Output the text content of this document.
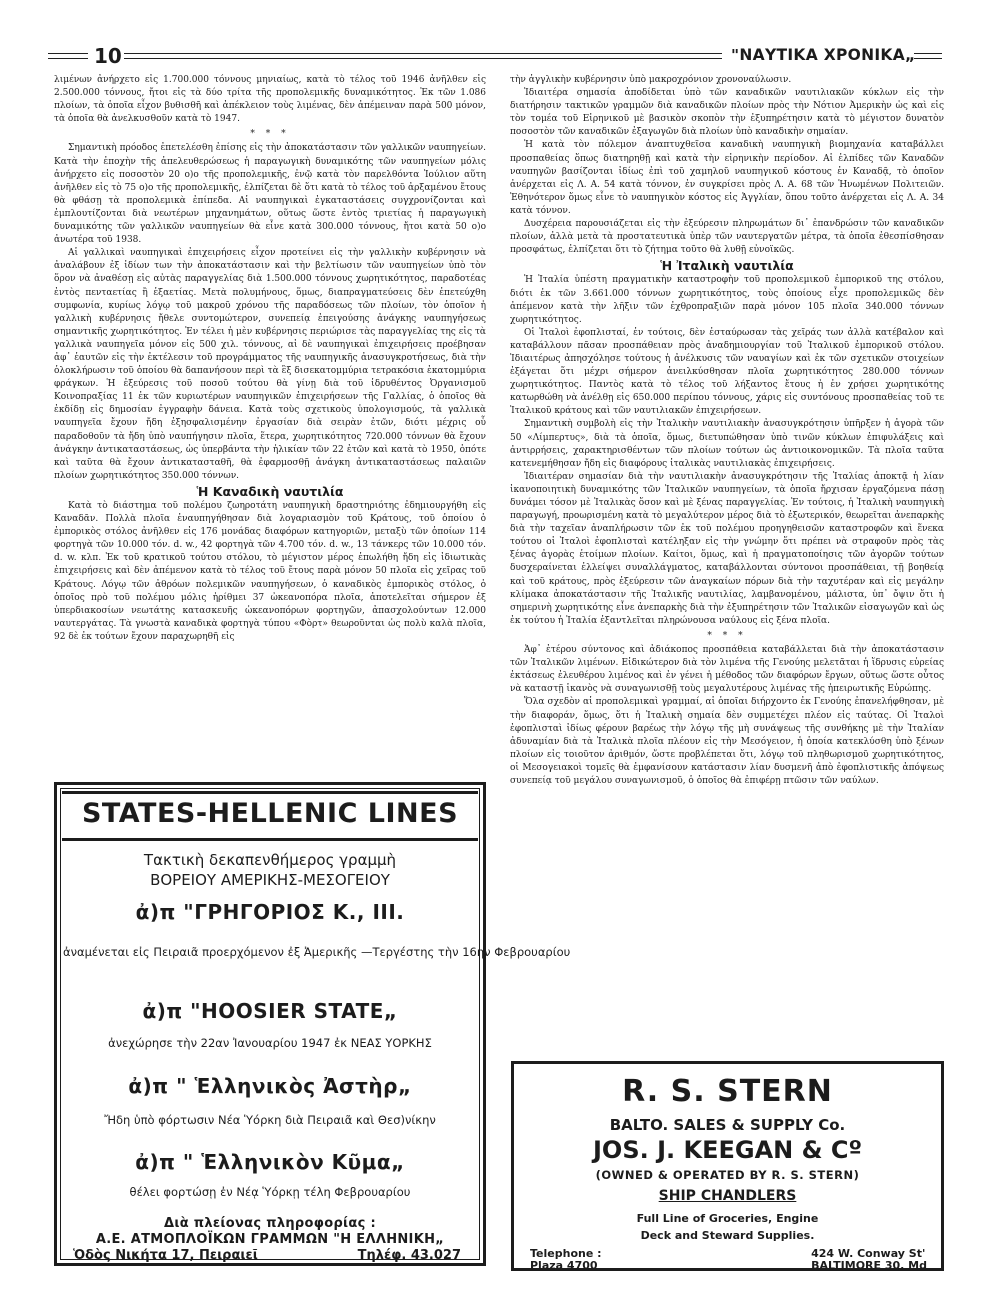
10	"ΝΑΥΤΙΚΑ ΧΡΟΝΙΚΑ„

λιμένων ἀνήρχετο εἰς 1.700.000 τόννους μηνιαίως, κατὰ τὸ τέλος τοῦ 1946 ἀνῆλθεν εἰς 2.500.000 τόννους, ἤτοι εἰς τὰ δύο τρίτα τῆς προπολεμικῆς δυναμικότητος. Ἐκ τῶν 1.086 πλοίων, τὰ ὁποῖα εἶχον βυθισθῆ καὶ ἀπέκλειον τοὺς λιμένας, δὲν ἀπέμειναν παρὰ 500 μόνον, τὰ ὁποῖα θὰ ἀνελκυσθοῦν κατὰ τὸ 1947.

* * *

Σημαντικὴ πρόοδος ἐπετελέσθη ἐπίσης εἰς τὴν ἀποκατάστασιν τῶν γαλλικῶν ναυπηγείων. Κατὰ τὴν ἐποχὴν τῆς ἀπελευθερώσεως ἡ παραγωγικὴ δυναμικότης τῶν ναυπηγείων μόλις ἀνήρχετο εἰς ποσοστὸν 20 ο)ο τῆς προπολεμικῆς, ἐνῷ κατὰ τὸν παρελθόντα Ἰούλιον αὕτη ἀνῆλθεν εἰς τὸ 75 ο)ο τῆς προπολεμικῆς, ἐλπίζεται δὲ ὅτι κατὰ τὸ τέλος τοῦ ἀρξαμένου ἔτους θὰ φθάσῃ τὰ προπολεμικὰ ἐπίπεδα. Αἱ ναυπηγικαὶ ἐγκαταστάσεις συγχρονίζονται καὶ ἐμπλουτίζονται διὰ νεωτέρων μηχανημάτων, οὕτως ὥστε ἐντὸς τριετίας ἡ παραγωγικὴ δυναμικότης τῶν γαλλικῶν ναυπηγείων θὰ εἶνε κατὰ 300.000 τόννους, ἤτοι κατὰ 50 ο)ο ἀνωτέρα τοῦ 1938.

Αἱ γαλλικαὶ ναυπηγικαὶ ἐπιχειρήσεις εἶχον προτείνει εἰς τὴν γαλλικὴν κυβέρνησιν νὰ ἀναλάβουν ἐξ ἰδίων των τὴν ἀποκατάστασιν καὶ τὴν βελτίωσιν τῶν ναυπηγείων ὑπὸ τὸν ὅρον νὰ ἀναθέσῃ εἰς αὐτὰς παραγγελίας διὰ 1.500.000 τόννους χωρητικότητος, παραδοτέας ἐντὸς πενταετίας ἢ ἑξαετίας. Μετὰ πολυμήνους, ὅμως, διαπραγματεύσεις δὲν ἐπετεύχθη συμφωνία, κυρίως λόγῳ τοῦ μακροῦ χρόνου τῆς παραδόσεως τῶν πλοίων, τὸν ὁποῖον ἡ γαλλικὴ κυβέρνησις ἤθελε συντομώτερον, συνεπείᾳ ἐπειγούσης ἀνάγκης ναυπηγήσεως σημαντικῆς χωρητικότητος. Ἐν τέλει ἡ μὲν κυβέρνησις περιώρισε τὰς παραγγελίας της εἰς τὰ γαλλικὰ ναυπηγεῖα μόνον εἰς 500 χιλ. τόννους, αἱ δὲ ναυπηγικαὶ ἐπιχειρήσεις προέβησαν ἀφ᾽ ἑαυτῶν εἰς τὴν ἐκτέλεσιν τοῦ προγράμματος τῆς ναυπηγικῆς ἀνασυγκροτήσεως, διὰ τὴν ὁλοκλήρωσιν τοῦ ὁποίου θὰ δαπανήσουν περὶ τὰ ἓξ δισεκατομμύρια τετρακόσια ἑκατομμύρια φράγκων. Ἡ ἐξεύρεσις τοῦ ποσοῦ τούτου θὰ γίνῃ διὰ τοῦ ἱδρυθέντος Ὀργανισμοῦ Κοινοπραξίας 11 ἐκ τῶν κυριωτέρων ναυπηγικῶν ἐπιχειρήσεων τῆς Γαλλίας, ὁ ὁποῖος θὰ ἐκδίδῃ εἰς δημοσίαν ἐγγραφὴν δάνεια. Κατὰ τοὺς σχετικοὺς ὑπολογισμούς, τὰ γαλλικὰ ναυπηγεῖα ἔχουν ἤδη ἐξησφαλισμένην ἐργασίαν διὰ σειρὰν ἐτῶν, διότι μέχρις οὗ παραδοθοῦν τὰ ἤδη ὑπὸ ναυπήγησιν πλοῖα, ἕτερα, χωρητικότητος 720.000 τόννων θὰ ἔχουν ἀνάγκην ἀντικαταστάσεως, ὡς ὑπερβάντα τὴν ἡλικίαν τῶν 22 ἐτῶν καὶ κατὰ τὸ 1950, ὁπότε καὶ ταῦτα θὰ ἔχουν ἀντικατασταθῆ, θὰ ἐφαρμοσθῇ ἀνάγκη ἀντικαταστάσεως παλαιῶν πλοίων χωρητικότητος 350.000 τόννων.

Ἡ Καναδικὴ ναυτιλία

Κατὰ τὸ διάστημα τοῦ πολέμου ζωηροτάτη ναυπηγικὴ δραστηριότης ἐδημιουργήθη εἰς Καναδᾶν. Πολλὰ πλοῖα ἐναυπηγήθησαν διὰ λογαριασμὸν τοῦ Κράτους, τοῦ ὁποίου ὁ ἐμπορικὸς στόλος ἀνῆλθεν εἰς 176 μονάδας διαφόρων κατηγοριῶν, μεταξὺ τῶν ὁποίων 114 φορτηγὰ τῶν 10.000 τόν. d. w., 42 φορτηγὰ τῶν 4.700 τόν. d. w., 13 τάνκερς τῶν 10.000 τόν. d. w. κλπ. Ἐκ τοῦ κρατικοῦ τούτου στόλου, τὸ μέγιστον μέρος ἐπωλήθη ἤδη εἰς ἰδιωτικὰς ἐπιχειρήσεις καὶ δὲν ἀπέμενον κατὰ τὸ τέλος τοῦ ἔτους παρὰ μόνον 50 πλοῖα εἰς χεῖρας τοῦ Κράτους. Λόγῳ τῶν ἀθρόων πολεμικῶν ναυπηγήσεων, ὁ καναδικὸς ἐμπορικὸς στόλος, ὁ ὁποῖος πρὸ τοῦ πολέμου μόλις ἠρίθμει 37 ὠκεανοπόρα πλοῖα, ἀποτελεῖται σήμερον ἐξ ὑπερδιακοσίων νεωτάτης κατασκευῆς ὠκεανοπόρων φορτηγῶν, ἀπασχολούντων 12.000 ναυτεργάτας. Τὰ γνωστὰ καναδικὰ φορτηγὰ τύπου «Φὸρτ» θεωροῦνται ὡς πολὺ καλὰ πλοῖα, 92 δὲ ἐκ τούτων ἔχουν παραχωρηθῆ εἰς

τὴν ἀγγλικὴν κυβέρνησιν ὑπὸ μακροχρόνιον χρονοναύλωσιν.

Ἰδιαιτέρα σημασία ἀποδίδεται ὑπὸ τῶν καναδικῶν ναυτιλιακῶν κύκλων εἰς τὴν διατήρησιν τακτικῶν γραμμῶν διὰ καναδικῶν πλοίων πρὸς τὴν Νότιον Ἀμερικὴν ὡς καὶ εἰς τὸν τομέα τοῦ Εἰρηνικοῦ μὲ βασικὸν σκοπὸν τὴν ἐξυπηρέτησιν κατὰ τὸ μέγιστον δυνατὸν ποσοστὸν τῶν καναδικῶν ἐξαγωγῶν διὰ πλοίων ὑπὸ καναδικὴν σημαίαν.

Ἡ κατὰ τὸν πόλεμον ἀναπτυχθεῖσα καναδικὴ ναυπηγικὴ βιομηχανία καταβάλλει προσπαθείας ὅπως διατηρηθῇ καὶ κατὰ τὴν εἰρηνικὴν περίοδον. Αἱ ἐλπίδες τῶν Καναδῶν ναυπηγῶν βασίζονται ἰδίως ἐπὶ τοῦ χαμηλοῦ ναυπηγικοῦ κόστους ἐν Καναδᾷ, τὸ ὁποῖον ἀνέρχεται εἰς Λ. Α. 54 κατὰ τόννον, ἐν συγκρίσει πρὸς Λ. Α. 68 τῶν Ἡνωμένων Πολιτειῶν. Ἐθηνότερον ὅμως εἶνε τὸ ναυπηγικὸν κόστος εἰς Ἀγγλίαν, ὅπου τοῦτο ἀνέρχεται εἰς Λ. Α. 34 κατὰ τόννον.

Δυσχέρεια παρουσιάζεται εἰς τὴν ἐξεύρεσιν πληρωμάτων δι᾽ ἐπανδρώσιν τῶν καναδικῶν πλοίων, ἀλλὰ μετὰ τὰ προστατευτικὰ ὑπὲρ τῶν ναυτεργατῶν μέτρα, τὰ ὁποῖα ἐθεσπίσθησαν προσφάτως, ἐλπίζεται ὅτι τὸ ζήτημα τοῦτο θὰ λυθῇ εὐνοϊκῶς.

Ἡ Ἰταλικὴ ναυτιλία

Ἡ Ἰταλία ὑπέστη πραγματικὴν καταστροφὴν τοῦ προπολεμικοῦ ἐμπορικοῦ της στόλου, διότι ἐκ τῶν 3.661.000 τόννων χωρητικότητος, τοὺς ὁποίους εἶχε προπολεμικῶς δὲν ἀπέμενον κατὰ τὴν λῆξιν τῶν ἐχθροπραξιῶν παρὰ μόνον 105 πλοῖα 340.000 τόννων χωρητικότητος.

Οἱ Ἰταλοὶ ἐφοπλισταί, ἐν τούτοις, δὲν ἐσταύρωσαν τὰς χεῖράς των ἀλλὰ κατέβαλον καὶ καταβάλλουν πᾶσαν προσπάθειαν πρὸς ἀναδημιουργίαν τοῦ Ἰταλικοῦ ἐμπορικοῦ στόλου. Ἰδιαιτέρως ἀπησχόλησε τούτους ἡ ἀνέλκυσις τῶν ναυαγίων καὶ ἐκ τῶν σχετικῶν στοιχείων ἐξάγεται ὅτι μέχρι σήμερον ἀνειλκύσθησαν πλοῖα χωρητικότητος 280.000 τόννων χωρητικότητος. Παντὸς κατὰ τὸ τέλος τοῦ λήξαντος ἔτους ἡ ἐν χρήσει χωρητικότης κατωρθώθη νὰ ἀνέλθῃ εἰς 650.000 περίπου τόννους, χάρις εἰς συντόνους προσπαθείας τοῦ τε Ἰταλικοῦ κράτους καὶ τῶν ναυτιλιακῶν ἐπιχειρήσεων.

Σημαντικὴ συμβολὴ εἰς τὴν Ἰταλικὴν ναυτιλιακὴν ἀνασυγκρότησιν ὑπῆρξεν ἡ ἀγορὰ τῶν 50 «Λίμπερτυς», διὰ τὰ ὁποῖα, ὅμως, διετυπώθησαν ὑπὸ τινῶν κύκλων ἐπιφυλάξεις καὶ ἀντιρρήσεις, χαρακτηρισθέντων τῶν πλοίων τούτων ὡς ἀντιοικονομικῶν. Τὰ πλοῖα ταῦτα κατενεμήθησαν ἤδη εἰς διαφόρους ἰταλικὰς ναυτιλιακὰς ἐπιχειρήσεις.

Ἰδιαιτέραν σημασίαν διὰ τὴν ναυτιλιακὴν ἀνασυγκρότησιν τῆς Ἰταλίας ἀποκτᾷ ἡ λίαν ἱκανοποιητικὴ δυναμικότης τῶν Ἰταλικῶν ναυπηγείων, τὰ ὁποῖα ἤρχισαν ἐργαζόμενα πάσῃ δυνάμει τόσον μὲ Ἰταλικὰς ὅσον καὶ μὲ ξένας παραγγελίας. Ἐν τούτοις, ἡ Ἰταλικὴ ναυπηγικὴ παραγωγή, προωρισμένη κατὰ τὸ μεγαλύτερον μέρος διὰ τὸ ἐξωτερικόν, θεωρεῖται ἀνεπαρκὴς διὰ τὴν ταχεῖαν ἀναπλήρωσιν τῶν ἐκ τοῦ πολέμου προηγηθεισῶν καταστροφῶν καὶ ἕνεκα τούτου οἱ Ἰταλοὶ ἐφοπλισταὶ κατέληξαν εἰς τὴν γνώμην ὅτι πρέπει νὰ στραφοῦν πρὸς τὰς ξένας ἀγορὰς ἑτοίμων πλοίων. Καίτοι, ὅμως, καὶ ἡ πραγματοποίησις τῶν ἀγορῶν τούτων δυσχεραίνεται ἐλλείψει συναλλάγματος, καταβάλλονται σύντονοι προσπάθειαι, τῇ βοηθείᾳ καὶ τοῦ κράτους, πρὸς ἐξεύρεσιν τῶν ἀναγκαίων πόρων διὰ τὴν ταχυτέραν καὶ εἰς μεγάλην κλίμακα ἀποκατάστασιν τῆς Ἰταλικῆς ναυτιλίας, λαμβανομένου, μάλιστα, ὑπ᾽ ὄψιν ὅτι ἡ σημερινὴ χωρητικότης εἶνε ἀνεπαρκὴς διὰ τὴν ἐξυπηρέτησιν τῶν Ἰταλικῶν εἰσαγωγῶν καὶ ὡς ἐκ τούτου ἡ Ἰταλία ἐξαντλεῖται πληρώνουσα ναύλους εἰς ξένα πλοῖα.

* * *

Ἀφ᾽ ἑτέρου σύντονος καὶ ἀδιάκοπος προσπάθεια καταβάλλεται διὰ τὴν ἀποκατάστασιν τῶν Ἰταλικῶν λιμένων. Εἰδικώτερον διὰ τὸν λιμένα τῆς Γενούης μελετᾶται ἡ ἵδρυσις εὐρείας ἐκτάσεως ἐλευθέρου λιμένος καὶ ἐν γένει ἡ μέθοδος τῶν διαφόρων ἔργων, οὕτως ὥστε οὗτος νὰ καταστῇ ἱκανὸς νὰ συναγωνισθῇ τοὺς μεγαλυτέρους λιμένας τῆς ἠπειρωτικῆς Εὐρώπης.

Ὅλα σχεδὸν αἱ προπολεμικαὶ γραμμαί, αἱ ὁποῖαι διήρχοντο ἐκ Γενούης ἐπανελήφθησαν, μὲ τὴν διαφοράν, ὅμως, ὅτι ἡ Ἰταλικὴ σημαία δὲν συμμετέχει πλέον εἰς ταύτας. Οἱ Ἰταλοὶ ἐφοπλισταὶ ἰδίως φέρουν βαρέως τὴν λόγῳ τῆς μὴ συνάψεως τῆς συνθήκης μὲ τὴν Ἰταλίαν ἀδυναμίαν διὰ τὰ Ἰταλικὰ πλοῖα πλέουν εἰς τὴν Μεσόγειον, ἡ ὁποία κατεκλύσθη ὑπὸ ξένων πλοίων εἰς τοιοῦτον ἀριθμόν, ὥστε προβλέπεται ὅτι, λόγῳ τοῦ πληθωρισμοῦ χωρητικότητος, οἱ Μεσογειακοὶ τομεῖς θὰ ἐμφανίσουν κατάστασιν λίαν δυσμενῆ ἀπὸ ἐφοπλιστικῆς ἀπόψεως συνεπείᾳ τοῦ μεγάλου συναγωνισμοῦ, ὁ ὁποῖος θὰ ἐπιφέρῃ πτῶσιν τῶν ναύλων.

STATES-HELLENIC LINES
Τακτικὴ δεκαπενθήμερος γραμμὴ
ΒΟΡΕΙΟΥ ΑΜΕΡΙΚΗΣ-ΜΕΣΟΓΕΙΟΥ
ἀ)π "ΓΡΗΓΟΡΙΟΣ Κ., ΙΙΙ.
ἀναμένεται εἰς Πειραιᾶ προερχόμενον ἐξ Ἀμερικῆς —Τεργέστης τὴν 16ην Φεβρουαρίου
ἀ)π "HOOSIER STATE„
ἀνεχώρησε τὴν 22αν Ἰανουαρίου 1947 ἐκ ΝΕΑΣ ΥΟΡΚΗΣ
ἀ)π " Ἑλληνικὸς Ἀστὴρ„
Ἤδη ὑπὸ φόρτωσιν Νέα Ὑόρκη διὰ Πειραιᾶ καὶ Θεσ)νίκην
ἀ)π " Ἑλληνικὸν Κῦμα„
θέλει φορτώσῃ ἐν Νέᾳ Ὑόρκῃ τέλη Φεβρουαρίου
Διὰ πλείονας πληροφορίας :
Α.Ε. ΑΤΜΟΠΛΟΪΚΩΝ ΓΡΑΜΜΩΝ "Η ΕΛΛΗΝΙΚΗ„
Ὁδὸς Νικήτα 17, Πειραιεῖ	Τηλέφ. 43.027
R. S. STERN
BALTO. SALES & SUPPLY Co.
JOS. J. KEEGAN & Cº
(OWNED & OPERATED BY R. S. STERN)
SHIP CHANDLERS
Full Line of Groceries, Engine
Deck and Steward Supplies.
Telephone :
Plaza 4700
424 W. Conway St'
BALTIMORE 30, Md
